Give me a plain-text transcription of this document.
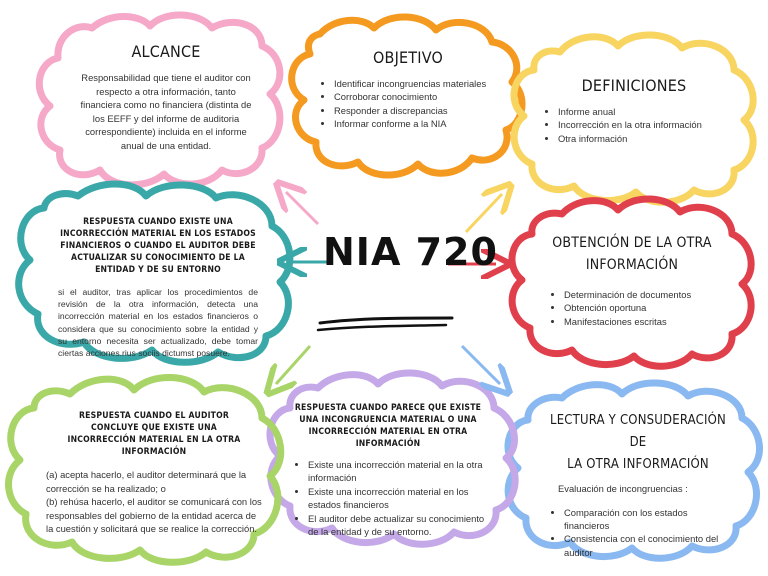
NIA 720
ALCANCE
Responsabilidad que tiene el auditor con respecto a otra información, tanto financiera como no financiera (distinta de los EEFF y del informe de auditoria correspondiente) incluida en el informe anual de una entidad.
OBJETIVO
• Identificar incongruencias materiales
• Corroborar conocimiento
• Responder a discrepancias
• Informar conforme a la NIA
DEFINICIONES
• Informe anual
• Incorrección en la otra información
• Otra información
OBTENCIÓN DE LA OTRA
INFORMACIÓN
• Determinación de documentos
• Obtención oportuna
• Manifestaciones escritas
LECTURA Y CONSUDERACIÓN DE
LA OTRA INFORMACIÓN
Evaluación de incongruencias :
• Comparación con los estados financieros
• Consistencia con el conocimiento del auditor
RESPUESTA CUANDO PARECE QUE EXISTE UNA INCONGRUENCIA MATERIAL O UNA INCORRECCIÓN MATERIAL EN OTRA INFORMACIÓN
• Existe una incorrección material en la otra información
• Existe una incorrección material en los estados financieros
• El auditor debe actualizar su conocimiento de la entidad y de su entorno.
RESPUESTA CUANDO EL AUDITOR CONCLUYE QUE EXISTE UNA INCORRECCIÓN MATERIAL EN LA OTRA INFORMACIÓN
(a) acepta hacerlo, el auditor determinará que la corrección se ha realizado; o
(b) rehúsa hacerlo, el auditor se comunicará con los responsables del gobierno de la entidad acerca de la cuestión y solicitará que se realice la corrección.
RESPUESTA CUANDO EXISTE UNA INCORRECCIÓN MATERIAL EN LOS ESTADOS FINANCIEROS O CUANDO EL AUDITOR DEBE ACTUALIZAR SU CONOCIMIENTO DE LA ENTIDAD Y DE SU ENTORNO
si el auditor, tras aplicar los procedimientos de revisión de la otra información, detecta una incorrección material en los estados financieros o considera que su conocimiento sobre la entidad y su entorno necesita ser actualizado, debe tomar ciertas acciones.rius sociis dictumst posuere.
